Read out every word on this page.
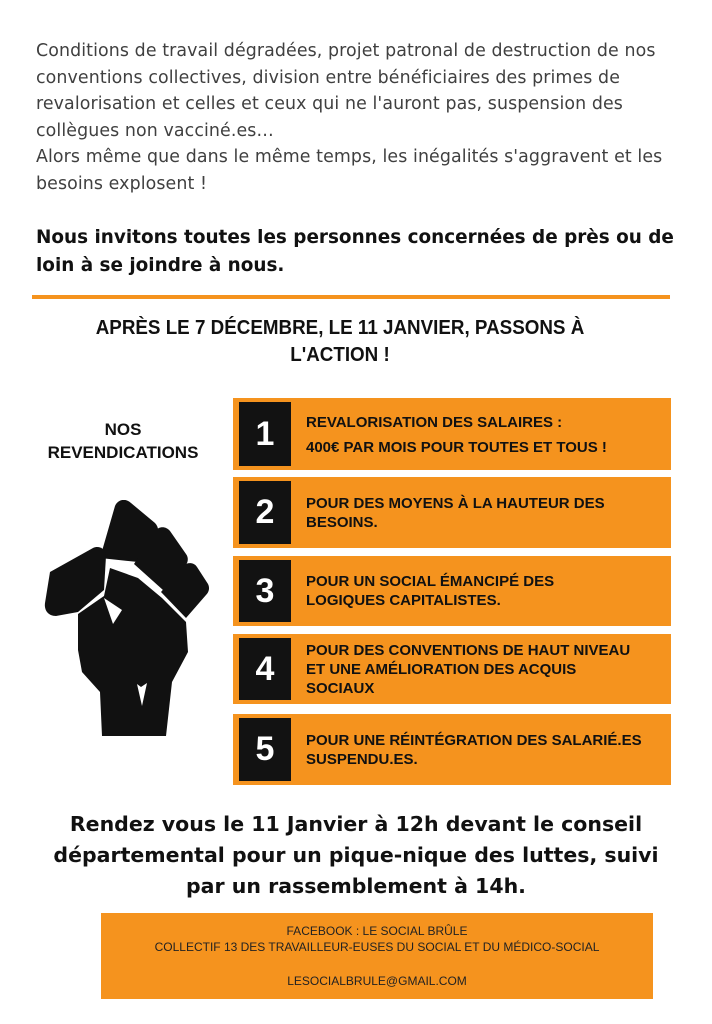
Conditions de travail dégradées, projet patronal de destruction de nos conventions collectives, division entre bénéficiaires des primes de revalorisation et celles et ceux qui ne l'auront pas, suspension des collègues non vacciné.es…

Alors même que dans le même temps, les inégalités s'aggravent et les besoins explosent !

Nous invitons toutes les personnes concernées de près ou de loin à se joindre à nous.

APRÈS LE 7 DÉCEMBRE, LE 11 JANVIER, PASSONS À L'ACTION !

NOS
REVENDICATIONS	1	REVALORISATION DES SALAIRES :
400€ PAR MOIS POUR TOUTES ET TOUS !
2	POUR DES MOYENS À LA HAUTEUR DES
BESOINS.
3	POUR UN SOCIAL ÉMANCIPÉ DES
LOGIQUES CAPITALISTES.
4	POUR DES CONVENTIONS DE HAUT NIVEAU
ET UNE AMÉLIORATION DES ACQUIS
SOCIAUX
5	POUR UNE RÉINTÉGRATION DES SALARIÉ.ES
SUSPENDU.ES.
Rendez vous le 11 Janvier à 12h devant le conseil
départemental pour un pique-nique des luttes, suivi
par un rassemblement à 14h.
FACEBOOK : LE SOCIAL BRÛLE
COLLECTIF 13 DES TRAVAILLEUR-EUSES DU SOCIAL ET DU MÉDICO-SOCIAL
LESOCIALBRULE@GMAIL.COM
